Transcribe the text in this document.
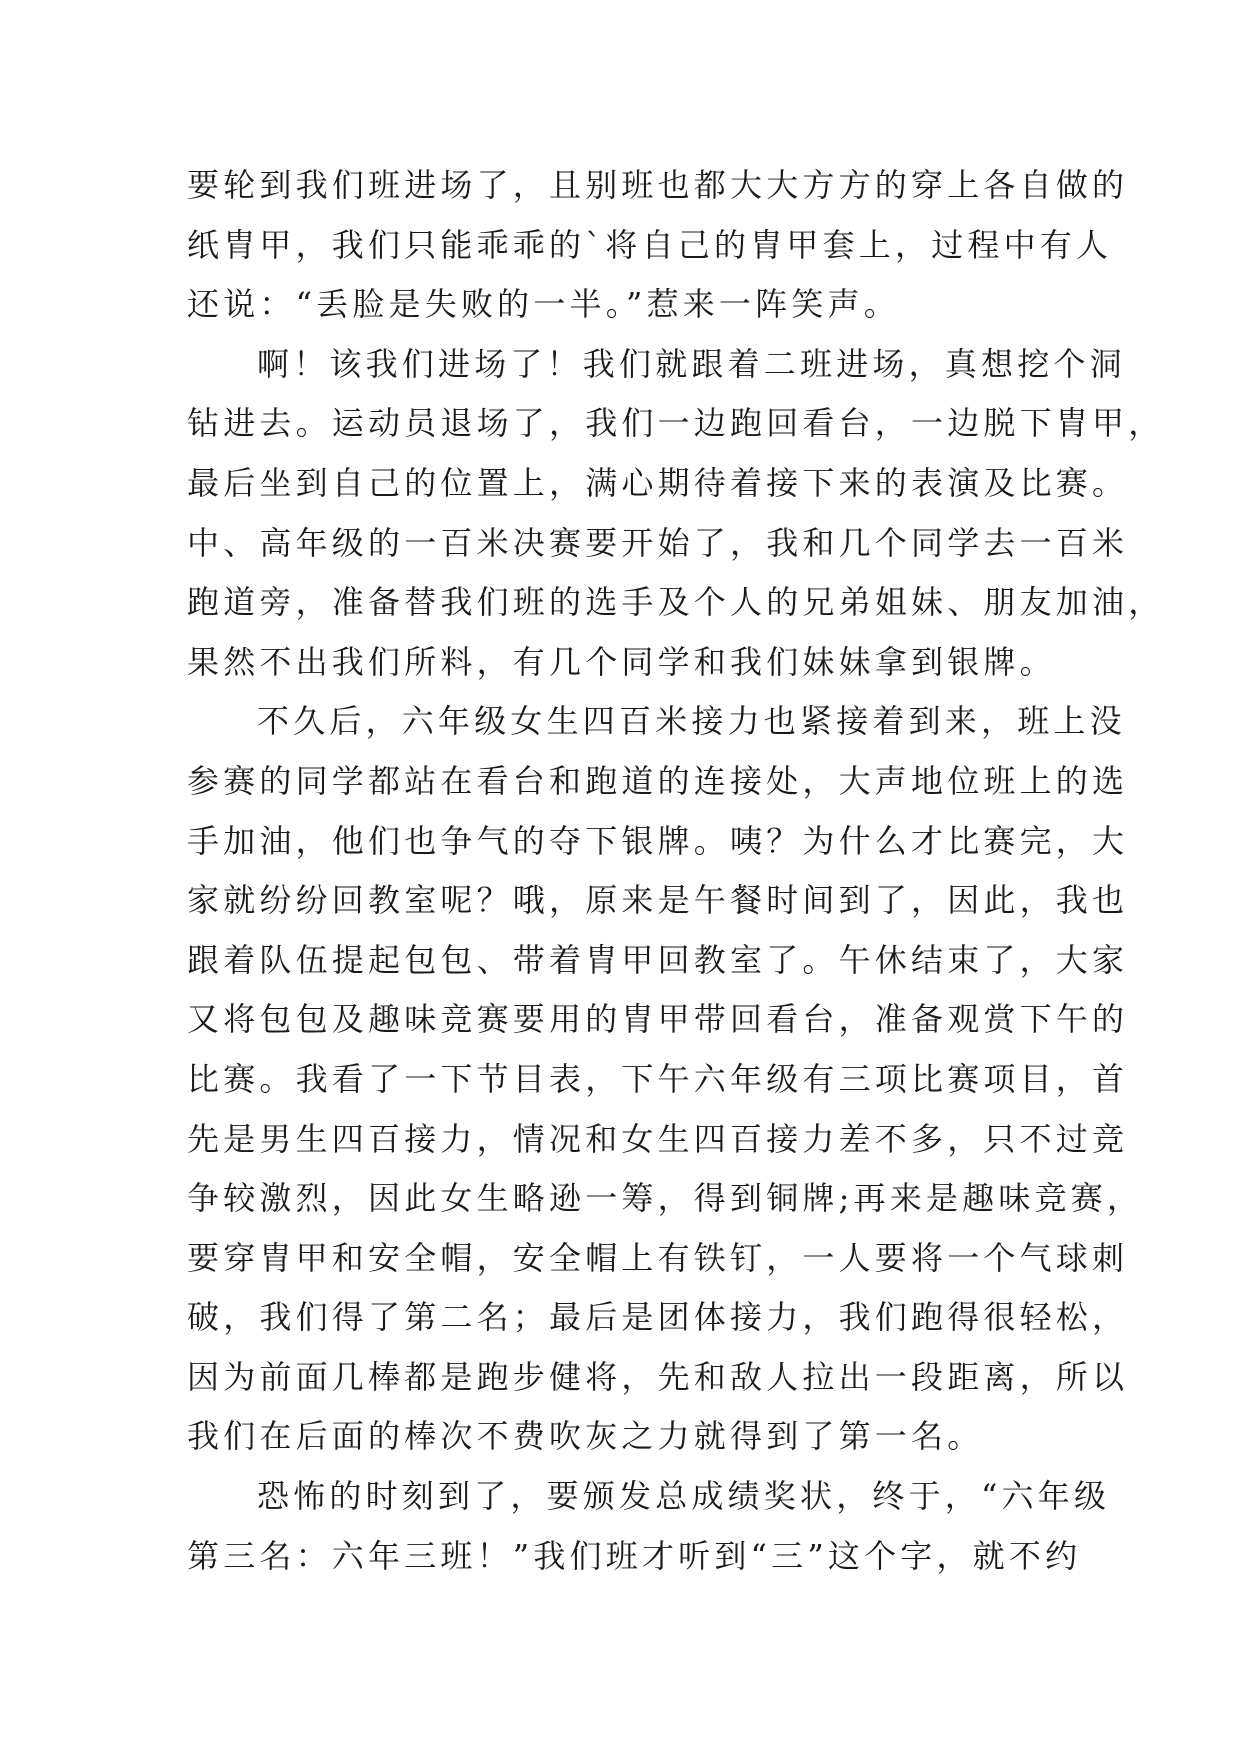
要轮到我们班进场了，且别班也都大大方方的穿上各自做的
纸胄甲，我们只能乖乖的`将自己的胄甲套上，过程中有人
还说：“丢脸是失败的一半。”惹来一阵笑声。
啊！该我们进场了！我们就跟着二班进场，真想挖个洞
钻进去。运动员退场了，我们一边跑回看台，一边脱下胄甲，
最后坐到自己的位置上，满心期待着接下来的表演及比赛。
中、高年级的一百米决赛要开始了，我和几个同学去一百米
跑道旁，准备替我们班的选手及个人的兄弟姐妹、朋友加油，
果然不出我们所料，有几个同学和我们妹妹拿到银牌。
不久后，六年级女生四百米接力也紧接着到来，班上没
参赛的同学都站在看台和跑道的连接处，大声地位班上的选
手加油，他们也争气的夺下银牌。咦？为什么才比赛完，大
家就纷纷回教室呢？哦，原来是午餐时间到了，因此，我也
跟着队伍提起包包、带着胄甲回教室了。午休结束了，大家
又将包包及趣味竞赛要用的胄甲带回看台，准备观赏下午的
比赛。我看了一下节目表，下午六年级有三项比赛项目，首
先是男生四百接力，情况和女生四百接力差不多，只不过竞
争较激烈，因此女生略逊一筹，得到铜牌;再来是趣味竞赛，
要穿胄甲和安全帽，安全帽上有铁钉，一人要将一个气球刺
破，我们得了第二名；最后是团体接力，我们跑得很轻松，
因为前面几棒都是跑步健将，先和敌人拉出一段距离，所以
我们在后面的棒次不费吹灰之力就得到了第一名。
恐怖的时刻到了，要颁发总成绩奖状，终于，“六年级
第三名：六年三班！”我们班才听到“三”这个字，就不约
